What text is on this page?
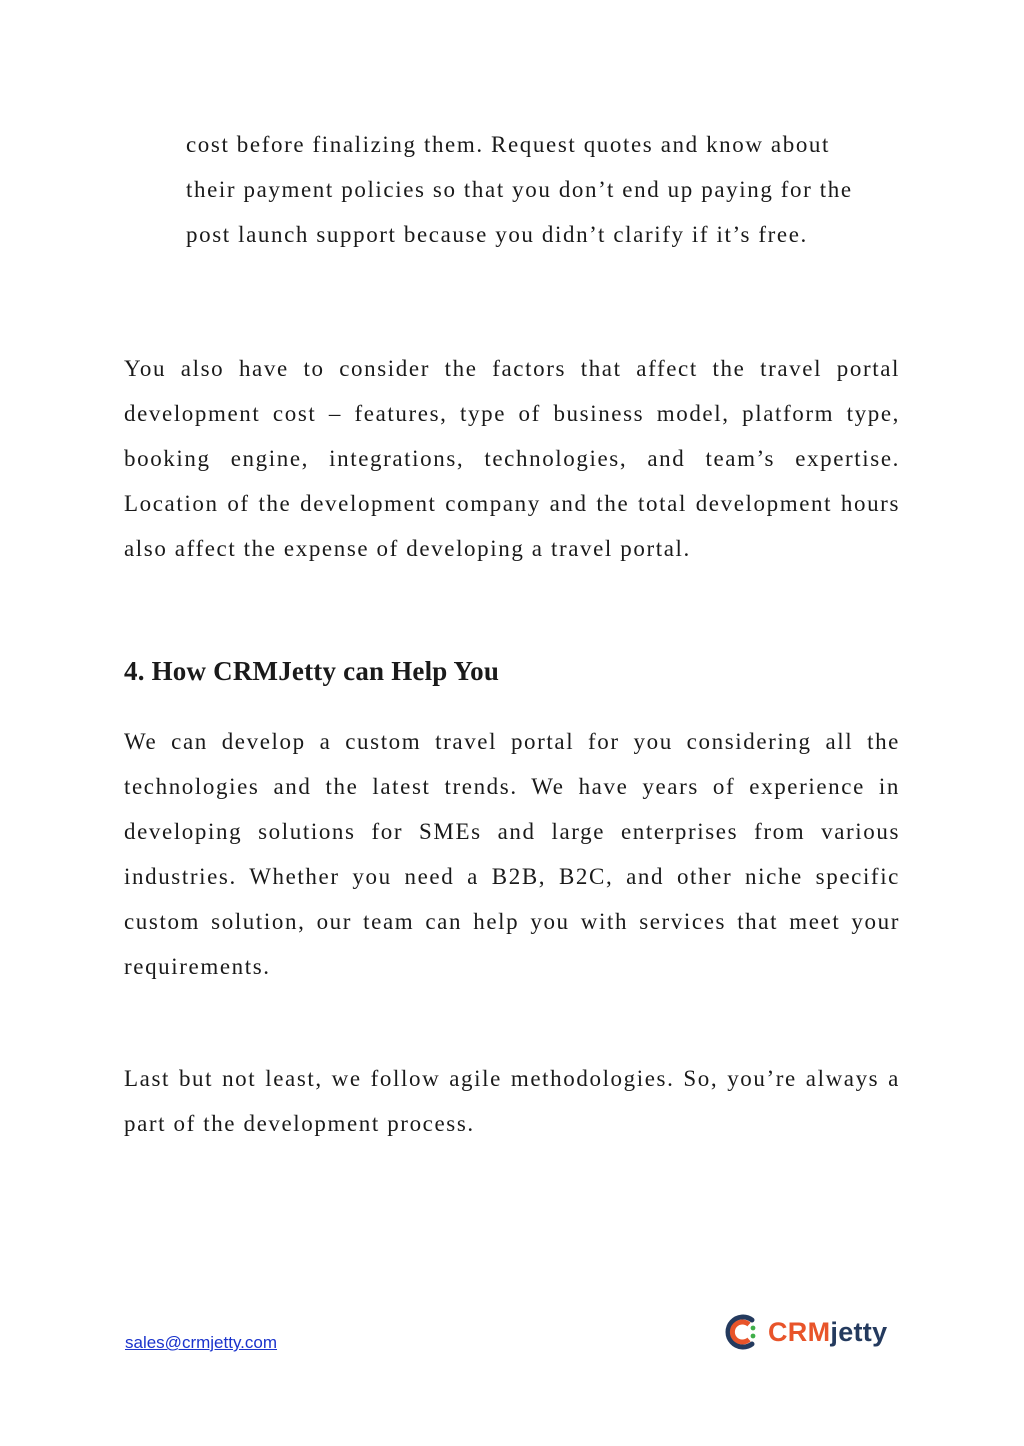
cost before finalizing them. Request quotes and know about their payment policies so that you don’t end up paying for the post launch support because you didn’t clarify if it’s free.

You also have to consider the factors that affect the travel portal development cost – features, type of business model, platform type, booking engine, integrations, technologies, and team’s expertise. Location of the development company and the total development hours also affect the expense of developing a travel portal.

4. How CRMJetty can Help You

We can develop a custom travel portal for you considering all the technologies and the latest trends. We have years of experience in developing solutions for SMEs and large enterprises from various industries. Whether you need a B2B, B2C, and other niche specific custom solution, our team can help you with services that meet your requirements.

Last but not least, we follow agile methodologies. So, you’re always a part of the development process.

sales@crmjetty.com	CRMjetty
